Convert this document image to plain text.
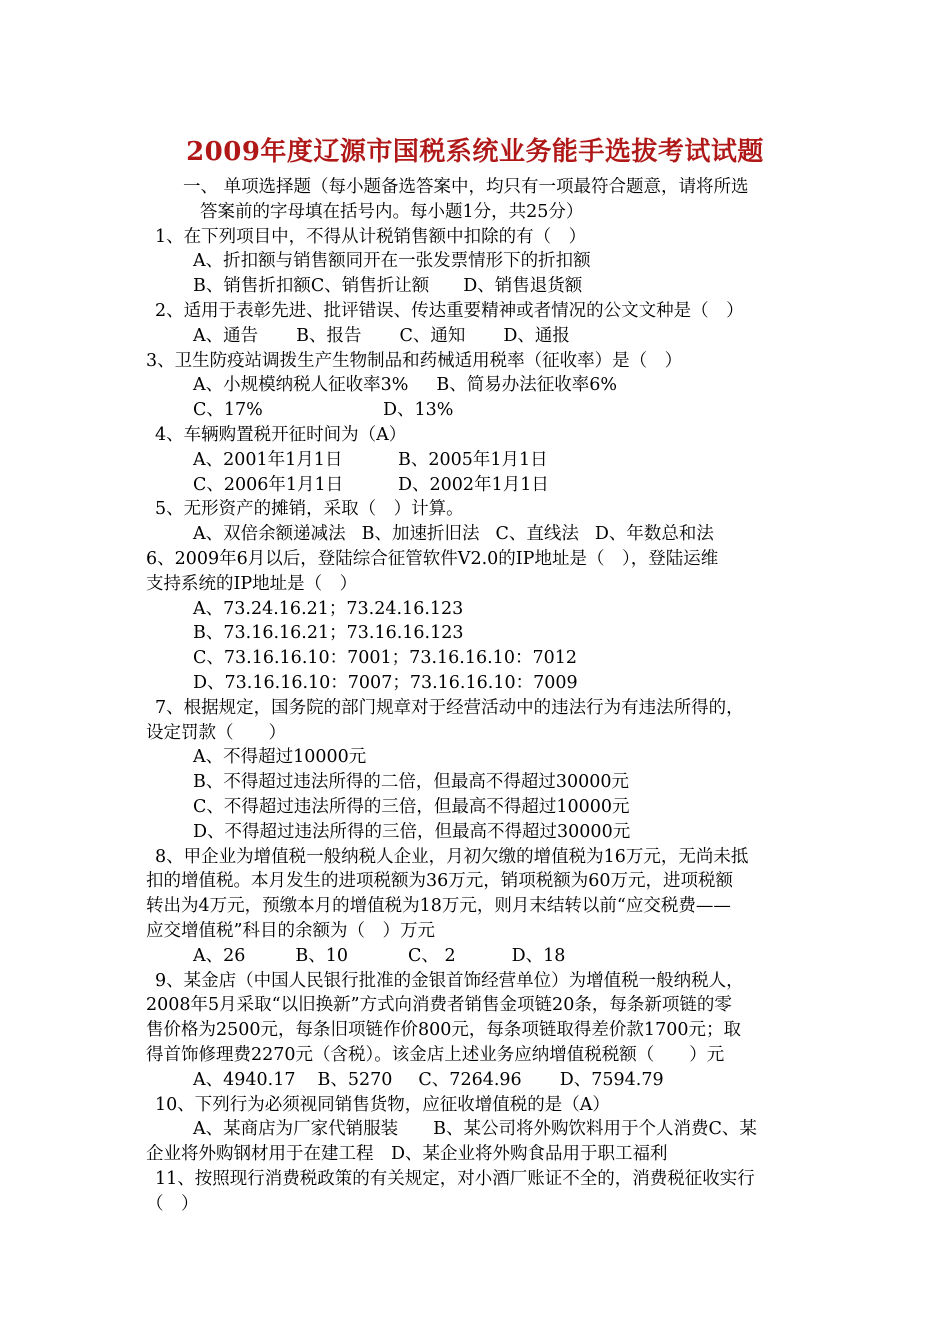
2009年度辽源市国税系统业务能手选拔考试试题
一、 单项选择题（每小题备选答案中，均只有一项最符合题意，请将所选
答案前的字母填在括号内。每小题1分，共25分）
1、在下列项目中，不得从计税销售额中扣除的有（　）
A、折扣额与销售额同开在一张发票情形下的折扣额
B、销售折扣额C、销售折让额 D、销售退货额
2、适用于表彰先进、批评错误、传达重要精神或者情况的公文文种是（　）
A、通告 B、报告 C、通知 D、通报
3、卫生防疫站调拨生产生物制品和药械适用税率（征收率）是（　）
A、小规模纳税人征收率3% B、简易办法征收率6%
C、17%	D、13%
4、车辆购置税开征时间为（A）
A、2001年1月1日	B、2005年1月1日
C、2006年1月1日	D、2002年1月1日
5、无形资产的摊销，采取（　）计算。
A、双倍余额递减法 B、加速折旧法 C、直线法 D、年数总和法
6、2009年6月以后，登陆综合征管软件V2.0的IP地址是（　），登陆运维
支持系统的IP地址是（　）
A、73.24.16.21；73.24.16.123
B、73.16.16.21；73.16.16.123
C、73.16.16.10：7001；73.16.16.10：7012
D、73.16.16.10：7007；73.16.16.10：7009
7、根据规定，国务院的部门规章对于经营活动中的违法行为有违法所得的，
设定罚款（　　）
A、不得超过10000元
B、不得超过违法所得的二倍，但最高不得超过30000元
C、不得超过违法所得的三倍，但最高不得超过10000元
D、不得超过违法所得的三倍，但最高不得超过30000元
8、甲企业为增值税一般纳税人企业，月初欠缴的增值税为16万元，无尚未抵
扣的增值税。本月发生的进项税额为36万元，销项税额为60万元，进项税额
转出为4万元，预缴本月的增值税为18万元，则月末结转以前“应交税费——
应交增值税”科目的余额为（　）万元
A、26	B、10	C、 2	D、18
9、某金店（中国人民银行批准的金银首饰经营单位）为增值税一般纳税人，
2008年5月采取“以旧换新”方式向消费者销售金项链20条，每条新项链的零
售价格为2500元，每条旧项链作价800元，每条项链取得差价款1700元；取
得首饰修理费2270元（含税）。该金店上述业务应纳增值税税额（　　）元
A、4940.17 B、5270 C、7264.96 D、7594.79
10、下列行为必须视同销售货物，应征收增值税的是（A）
A、某商店为厂家代销服装　　B、某公司将外购饮料用于个人消费C、某
企业将外购钢材用于在建工程　D、某企业将外购食品用于职工福利
11、按照现行消费税政策的有关规定，对小酒厂账证不全的，消费税征收实行
（　）
